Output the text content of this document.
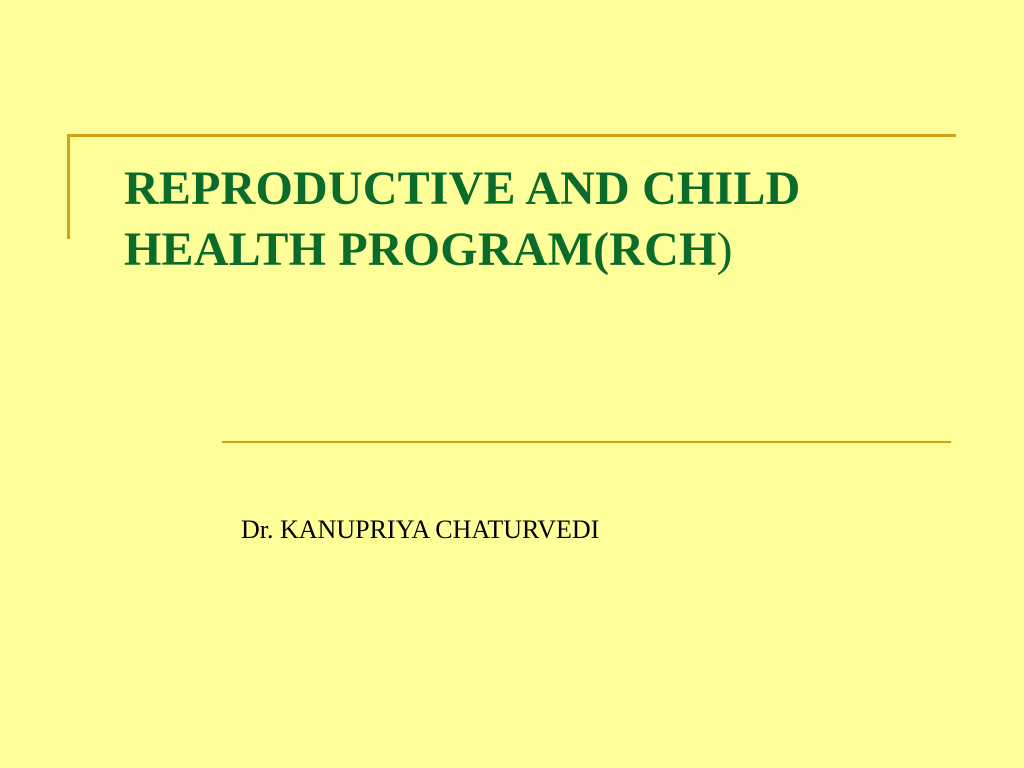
REPRODUCTIVE AND CHILD
HEALTH PROGRAM(RCH)

Dr. KANUPRIYA CHATURVEDI
